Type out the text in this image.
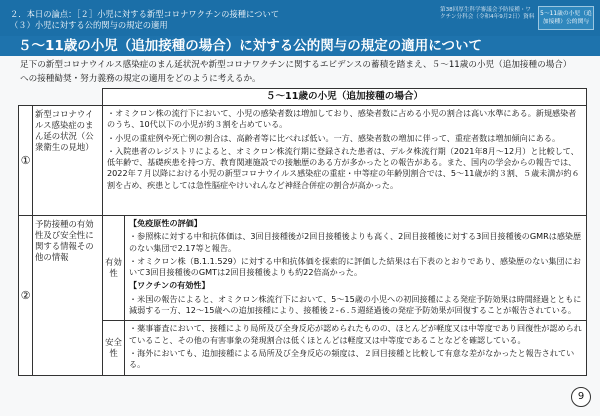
２．本日の論点：［２］小児に対する新型コロナワクチンの接種について
（３）小児に対する公的関与の規定の適用
第38回厚生科学審議会予防接種・ワクチン分科会（令和4年9月2日）資料	5～11歳の小児（追加接種）公的関与
５～11歳の小児（追加接種の場合）に対する公的関与の規定の適用について
足下の新型コロナウイルス感染症のまん延状況や新型コロナワクチンに関するエビデンスの蓄積を踏まえ、５～11歳の小児（追加接種の場合）への接種勧奨・努力義務の規定の適用をどのように考えるか。
		５～11歳の小児（追加接種の場合）	
①	新型コロナウイルス感染症のまん延の状況（公衆衛生の見地）	・オミクロン株の流行下において、小児の感染者数は増加しており、感染者数に占める小児の割合は高い水準にある。新規感染者のうち、10代以下の小児が約３割を占めている。

・小児の重症例や死亡例の割合は、高齢者等に比べれば低い。一方、感染者数の増加に伴って、重症者数は増加傾向にある。

・入院患者のレジストリによると、オミクロン株流行期に登録された患者は、デルタ株流行期（2021年8月～12月）と比較して、低年齢で、基礎疾患を持つ方、教育関連施設での接触歴のある方が多かったとの報告がある。また、国内の学会からの報告では、2022年７月以降における小児の新型コロナウイルス感染症の重症・中等症の年齢別割合では、5～11歳が約３割、５歳未満が約６割を占め、疾患としては急性脳症やけいれんなど神経合併症の割合が高かった。	

②	予防接種の有効性及び安全性に関する情報その他の情報	有効性	【免疫原性の評価】

・参照株に対する中和抗体価は、3回目接種後が2回目接種後よりも高く、2回目接種後に対する3回目接種後のGMRは感染歴のない集団で2.17等と報告。

・オミクロン株（B.1.1.529）に対する中和抗体価を探索的に評価した結果は右下表のとおりであり、感染歴のない集団において3回目接種後のGMTは2回目接種後よりも約22倍高かった。

【ワクチンの有効性】

・米国の報告によると、オミクロン株流行下において、5～15歳の小児への初回接種による発症予防効果は時間経過とともに減弱する一方、12～15歳への追加接種により、接種後２-６.５週経過後の発症予防効果が回復することが報告されている。

		安全性	・薬事審査において、接種により局所及び全身反応が認められたものの、ほとんどが軽度又は中等度であり回復性が認められていること、その他の有害事象の発現割合は低くほとんどは軽度又は中等度であることなどを確認している。

・海外においても、追加接種による局所及び全身反応の頻度は、２回目接種と比較して有意な差がなかったと報告されている。

9
